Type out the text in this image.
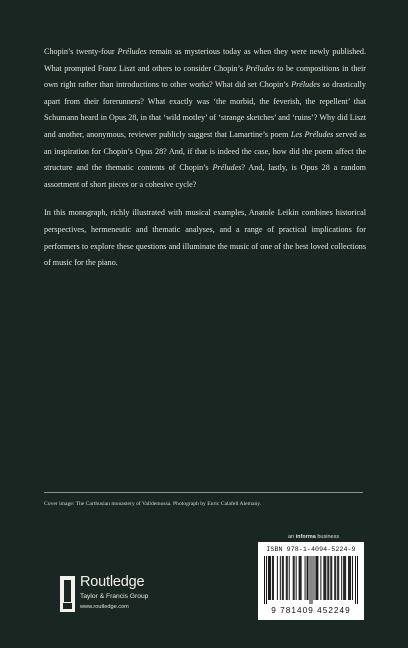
Chopin’s twenty-four Préludes remain as mysterious today as when they were newly published. What prompted Franz Liszt and others to consider Chopin’s Préludes to be compositions in their own right rather than introductions to other works? What did set Chopin’s Préludes so drastically apart from their forerunners? What exactly was ‘the morbid, the feverish, the repellent’ that Schumann heard in Opus 28, in that ‘wild motley’ of ‘strange sketches’ and ‘ruins’? Why did Liszt and another, anonymous, reviewer publicly suggest that Lamartine’s poem Les Préludes served as an inspiration for Chopin’s Opus 28? And, if that is indeed the case, how did the poem affect the structure and the thematic contents of Chopin’s Préludes? And, lastly, is Opus 28 a random assortment of short pieces or a cohesive cycle?

In this monograph, richly illustrated with musical examples, Anatole Leikin combines historical perspectives, hermeneutic and thematic analyses, and a range of practical implications for performers to explore these questions and illuminate the music of one of the best loved collections of music for the piano.

Cover image: The Carthusian monastery of Valldemossa. Photograph by Enric Calafell Alemany.

an informa business
Routledge
Taylor & Francis Group
www.routledge.com
ISBN 978-1-4094-5224-9
9 781409 452249
